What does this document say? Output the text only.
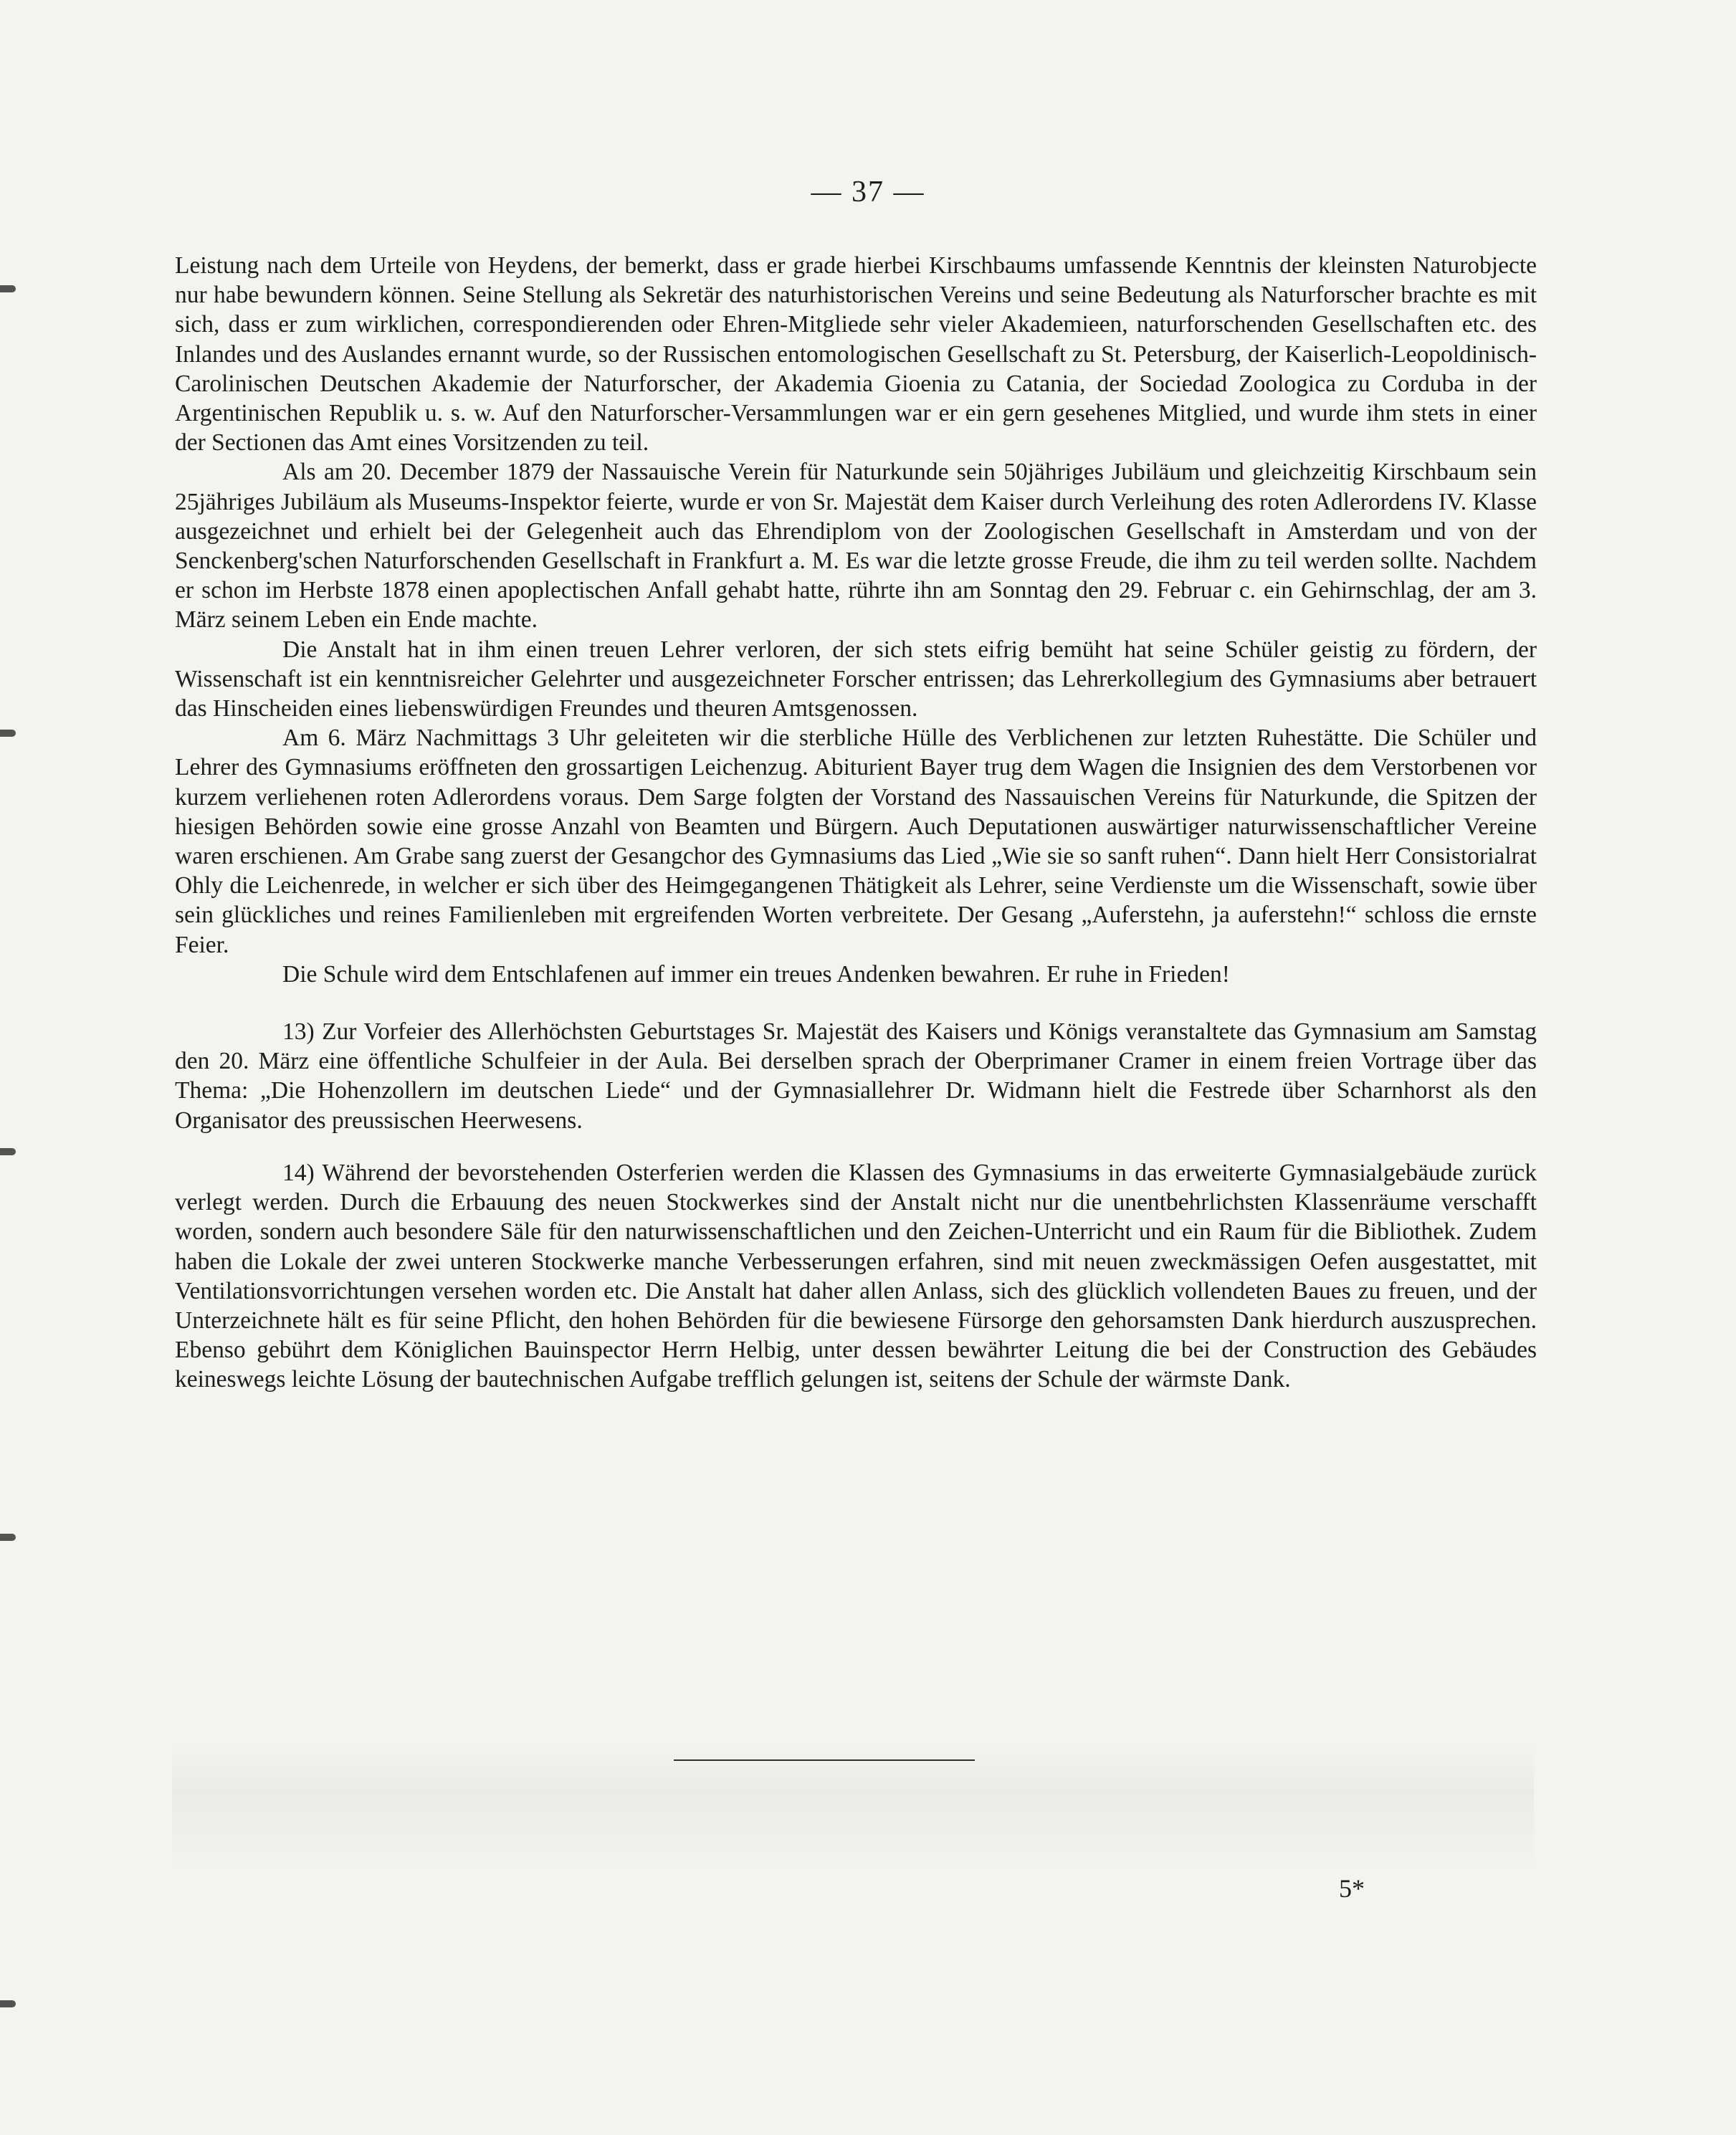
— 37 —

Leistung nach dem Urteile von Heydens, der bemerkt, dass er grade hierbei Kirschbaums umfassende Kenntnis der kleinsten Naturobjecte nur habe bewundern können. Seine Stellung als Sekretär des naturhistorischen Vereins und seine Bedeutung als Naturforscher brachte es mit sich, dass er zum wirklichen, correspondierenden oder Ehren-Mitgliede sehr vieler Akademieen, naturforschenden Gesellschaften etc. des Inlandes und des Auslandes ernannt wurde, so der Russischen entomologischen Gesellschaft zu St. Petersburg, der Kaiserlich-Leopoldinisch-Carolinischen Deutschen Akademie der Naturforscher, der Akademia Gioenia zu Catania, der Sociedad Zoologica zu Corduba in der Argentinischen Republik u. s. w. Auf den Naturforscher-Versammlungen war er ein gern gesehenes Mitglied, und wurde ihm stets in einer der Sectionen das Amt eines Vorsitzenden zu teil.

Als am 20. December 1879 der Nassauische Verein für Naturkunde sein 50jähriges Jubiläum und gleichzeitig Kirschbaum sein 25jähriges Jubiläum als Museums-Inspektor feierte, wurde er von Sr. Majestät dem Kaiser durch Verleihung des roten Adlerordens IV. Klasse ausgezeichnet und erhielt bei der Gelegenheit auch das Ehrendiplom von der Zoologischen Gesellschaft in Amsterdam und von der Senckenberg'schen Naturforschenden Gesellschaft in Frankfurt a. M. Es war die letzte grosse Freude, die ihm zu teil werden sollte. Nachdem er schon im Herbste 1878 einen apoplectischen Anfall gehabt hatte, rührte ihn am Sonntag den 29. Februar c. ein Gehirnschlag, der am 3. März seinem Leben ein Ende machte.

Die Anstalt hat in ihm einen treuen Lehrer verloren, der sich stets eifrig bemüht hat seine Schüler geistig zu fördern, der Wissenschaft ist ein kenntnisreicher Gelehrter und ausgezeichneter Forscher entrissen; das Lehrerkollegium des Gymnasiums aber betrauert das Hinscheiden eines liebenswürdigen Freundes und theuren Amtsgenossen.

Am 6. März Nachmittags 3 Uhr geleiteten wir die sterbliche Hülle des Verblichenen zur letzten Ruhestätte. Die Schüler und Lehrer des Gymnasiums eröffneten den grossartigen Leichenzug. Abiturient Bayer trug dem Wagen die Insignien des dem Verstorbenen vor kurzem verliehenen roten Adlerordens voraus. Dem Sarge folgten der Vorstand des Nassauischen Vereins für Naturkunde, die Spitzen der hiesigen Behörden sowie eine grosse Anzahl von Beamten und Bürgern. Auch Deputationen auswärtiger naturwissenschaftlicher Vereine waren erschienen. Am Grabe sang zuerst der Gesangchor des Gymnasiums das Lied „Wie sie so sanft ruhen“. Dann hielt Herr Consistorialrat Ohly die Leichenrede, in welcher er sich über des Heimgegangenen Thätigkeit als Lehrer, seine Verdienste um die Wissenschaft, sowie über sein glückliches und reines Familienleben mit ergreifenden Worten verbreitete. Der Gesang „Auferstehn, ja auferstehn!“ schloss die ernste Feier.

Die Schule wird dem Entschlafenen auf immer ein treues Andenken bewahren. Er ruhe in Frieden!

13) Zur Vorfeier des Allerhöchsten Geburtstages Sr. Majestät des Kaisers und Königs veranstaltete das Gymnasium am Samstag den 20. März eine öffentliche Schulfeier in der Aula. Bei derselben sprach der Oberprimaner Cramer in einem freien Vortrage über das Thema: „Die Hohenzollern im deutschen Liede“ und der Gymnasiallehrer Dr. Widmann hielt die Festrede über Scharnhorst als den Organisator des preussischen Heerwesens.

14) Während der bevorstehenden Osterferien werden die Klassen des Gymnasiums in das erweiterte Gymnasialgebäude zurück verlegt werden. Durch die Erbauung des neuen Stockwerkes sind der Anstalt nicht nur die unentbehrlichsten Klassenräume verschafft worden, sondern auch besondere Säle für den naturwissenschaftlichen und den Zeichen-Unterricht und ein Raum für die Bibliothek. Zudem haben die Lokale der zwei unteren Stockwerke manche Verbesserungen erfahren, sind mit neuen zweckmässigen Oefen ausgestattet, mit Ventilationsvorrichtungen versehen worden etc. Die Anstalt hat daher allen Anlass, sich des glücklich vollendeten Baues zu freuen, und der Unterzeichnete hält es für seine Pflicht, den hohen Behörden für die bewiesene Fürsorge den gehorsamsten Dank hierdurch auszusprechen. Ebenso gebührt dem Königlichen Bauinspector Herrn Helbig, unter dessen bewährter Leitung die bei der Construction des Gebäudes keineswegs leichte Lösung der bautechnischen Aufgabe trefflich gelungen ist, seitens der Schule der wärmste Dank.

5*
